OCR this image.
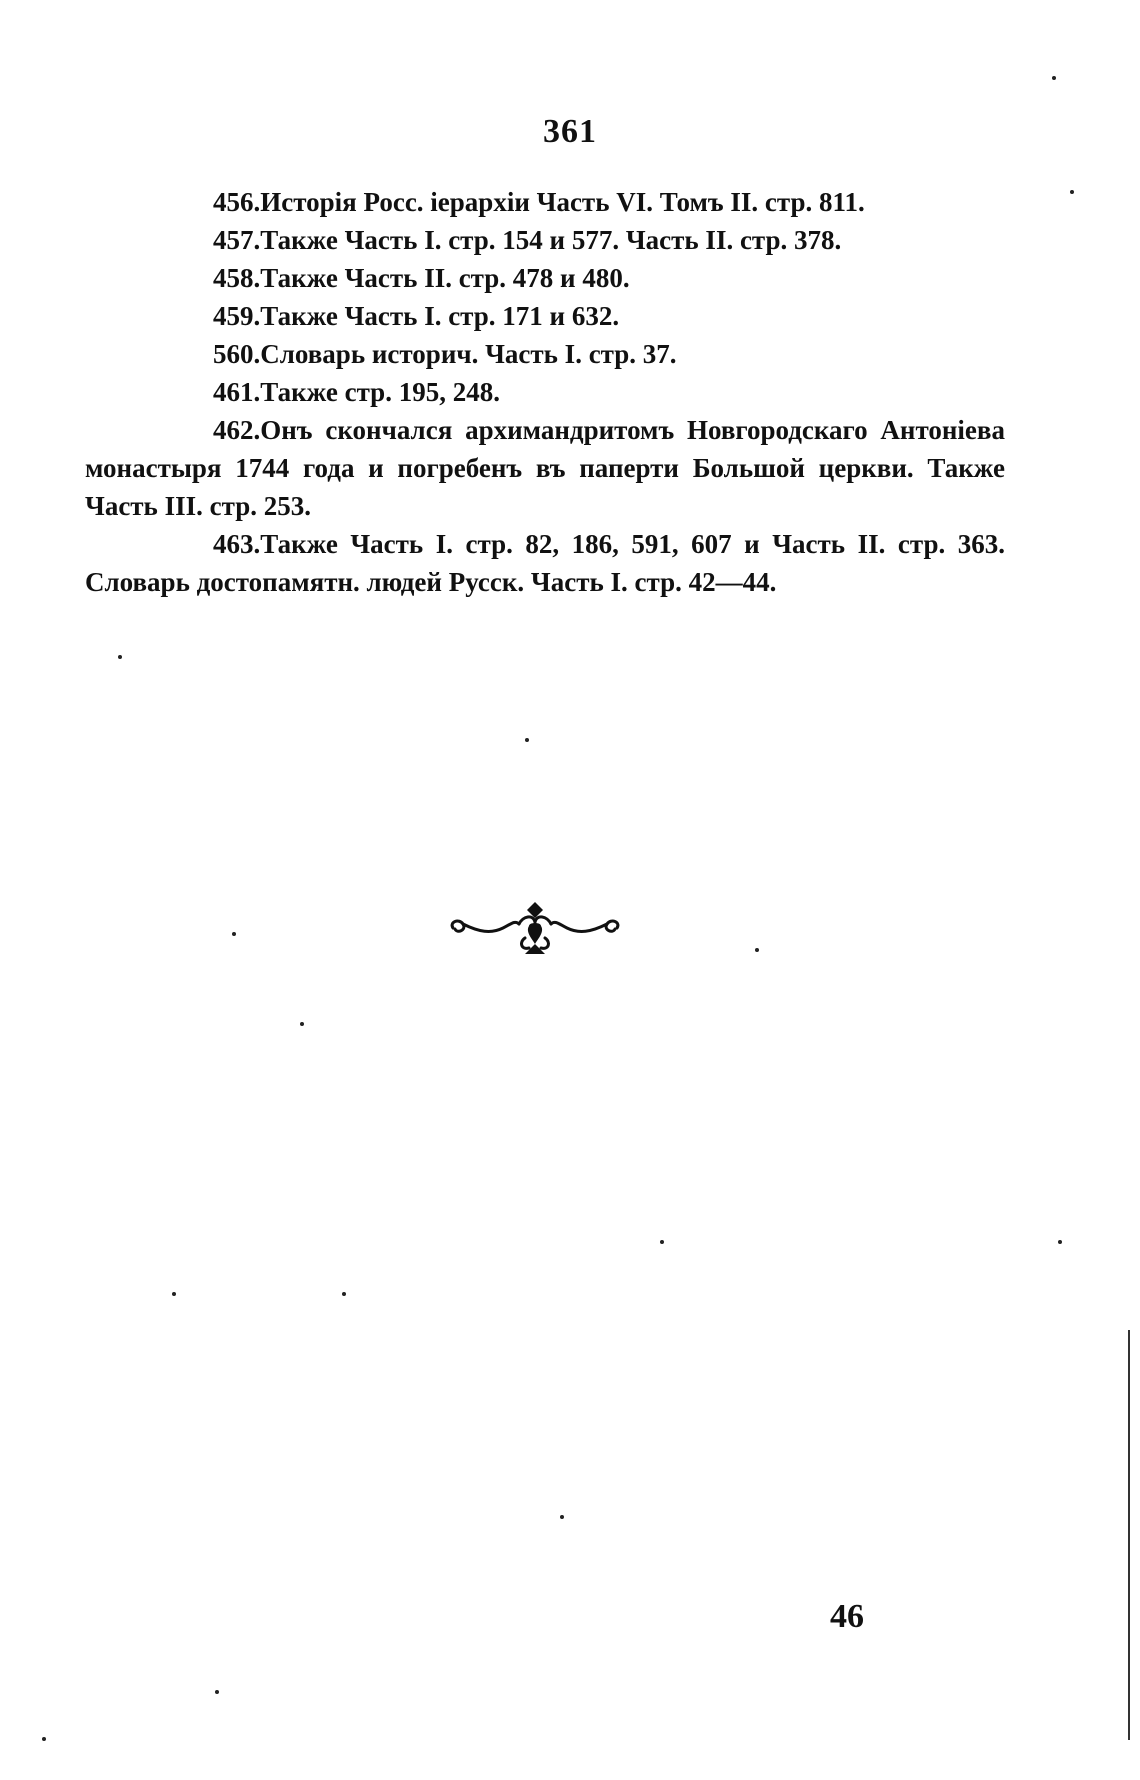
361

456.Исторія Росс. іерархіи Часть VI. Томъ II. стр. 811.

457.Также Часть I. стр. 154 и 577. Часть II. стр. 378.

458.Также Часть II. стр. 478 и 480.

459.Также Часть I. стр. 171 и 632.

560.Словарь историч. Часть I. стр. 37.

461.Также стр. 195, 248.

462.Онъ скончался архимандритомъ Новгородскаго Антоніева монастыря 1744 года и погребенъ въ паперти Большой церкви. Также Часть III. стр. 253.

463.Также Часть I. стр. 82, 186, 591, 607 и Часть II. стр. 363. Словарь достопамятн. людей Русск. Часть I. стр. 42—44.

46
